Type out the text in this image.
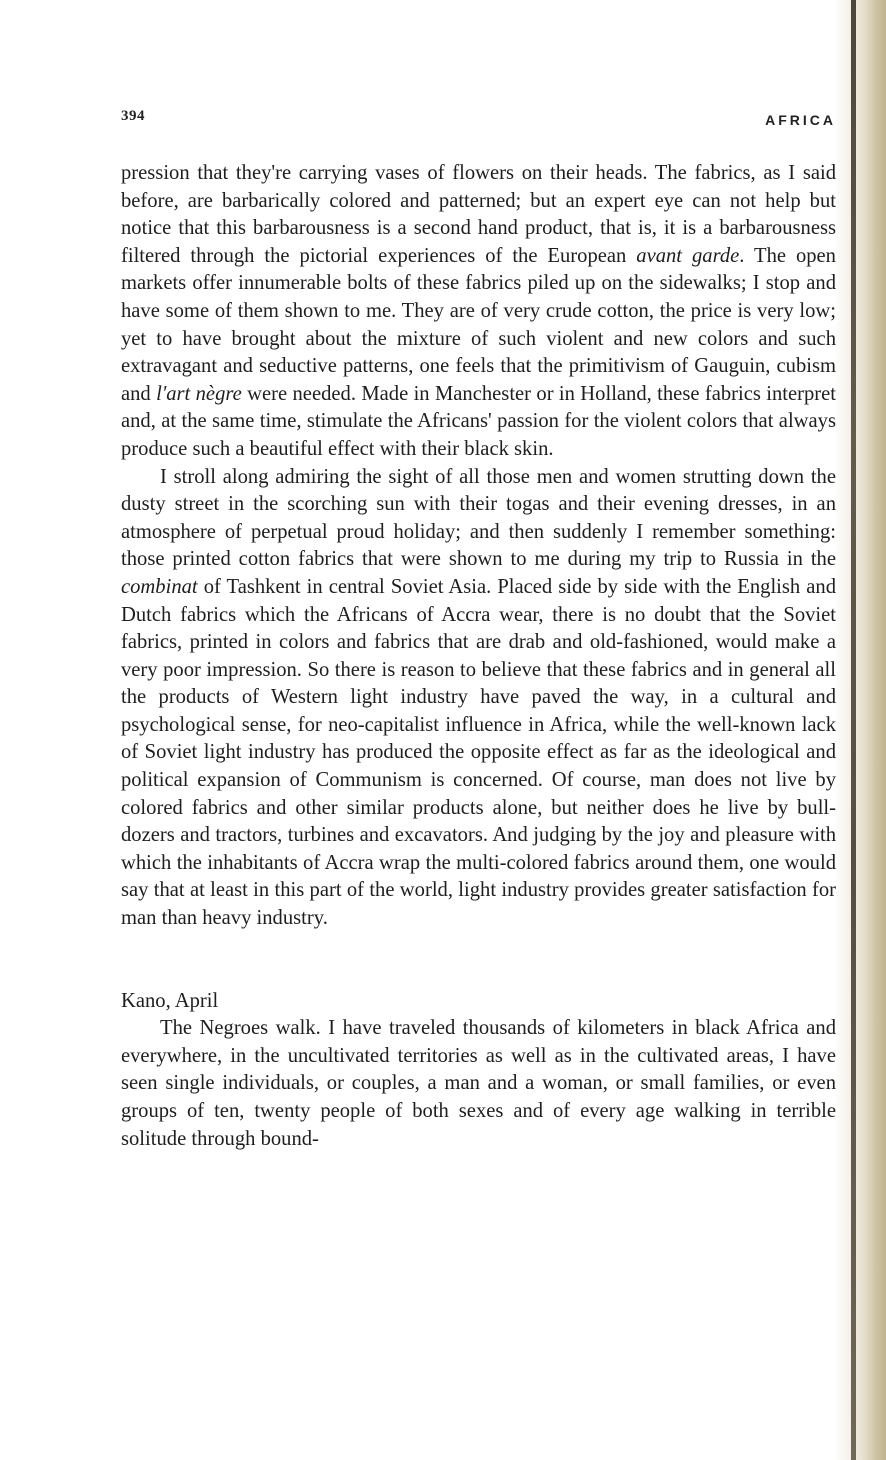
394	AFRICA

pression that they're carrying vases of flowers on their heads. The fabrics, as I said before, are barbarically colored and patterned; but an expert eye can not help but notice that this barbarousness is a second hand product, that is, it is a barbarousness filtered through the pictorial experiences of the European avant garde. The open markets offer innumerable bolts of these fabrics piled up on the sidewalks; I stop and have some of them shown to me. They are of very crude cotton, the price is very low; yet to have brought about the mixture of such violent and new colors and such extravagant and seductive patterns, one feels that the primitivism of Gauguin, cubism and l'art nègre were needed. Made in Manchester or in Holland, these fabrics interpret and, at the same time, stimulate the Africans' passion for the violent colors that always produce such a beautiful effect with their black skin.

I stroll along admiring the sight of all those men and women strutting down the dusty street in the scorching sun with their togas and their evening dresses, in an atmosphere of perpetual proud holiday; and then suddenly I remember something: those printed cotton fabrics that were shown to me during my trip to Russia in the combinat of Tashkent in central Soviet Asia. Placed side by side with the English and Dutch fabrics which the Africans of Accra wear, there is no doubt that the Soviet fabrics, printed in colors and fabrics that are drab and old-fashioned, would make a very poor impression. So there is reason to believe that these fabrics and in general all the products of Western light industry have paved the way, in a cultural and psychological sense, for neo-capitalist influence in Africa, while the well-known lack of Soviet light industry has produced the opposite effect as far as the ideological and political expansion of Communism is concerned. Of course, man does not live by colored fabrics and other similar products alone, but neither does he live by bull-dozers and tractors, turbines and excavators. And judging by the joy and pleasure with which the inhabitants of Accra wrap the multi-colored fabrics around them, one would say that at least in this part of the world, light industry provides greater satisfaction for man than heavy industry.

Kano, April

The Negroes walk. I have traveled thousands of kilometers in black Africa and everywhere, in the uncultivated territories as well as in the cultivated areas, I have seen single individuals, or couples, a man and a woman, or small families, or even groups of ten, twenty people of both sexes and of every age walking in terrible solitude through bound-
